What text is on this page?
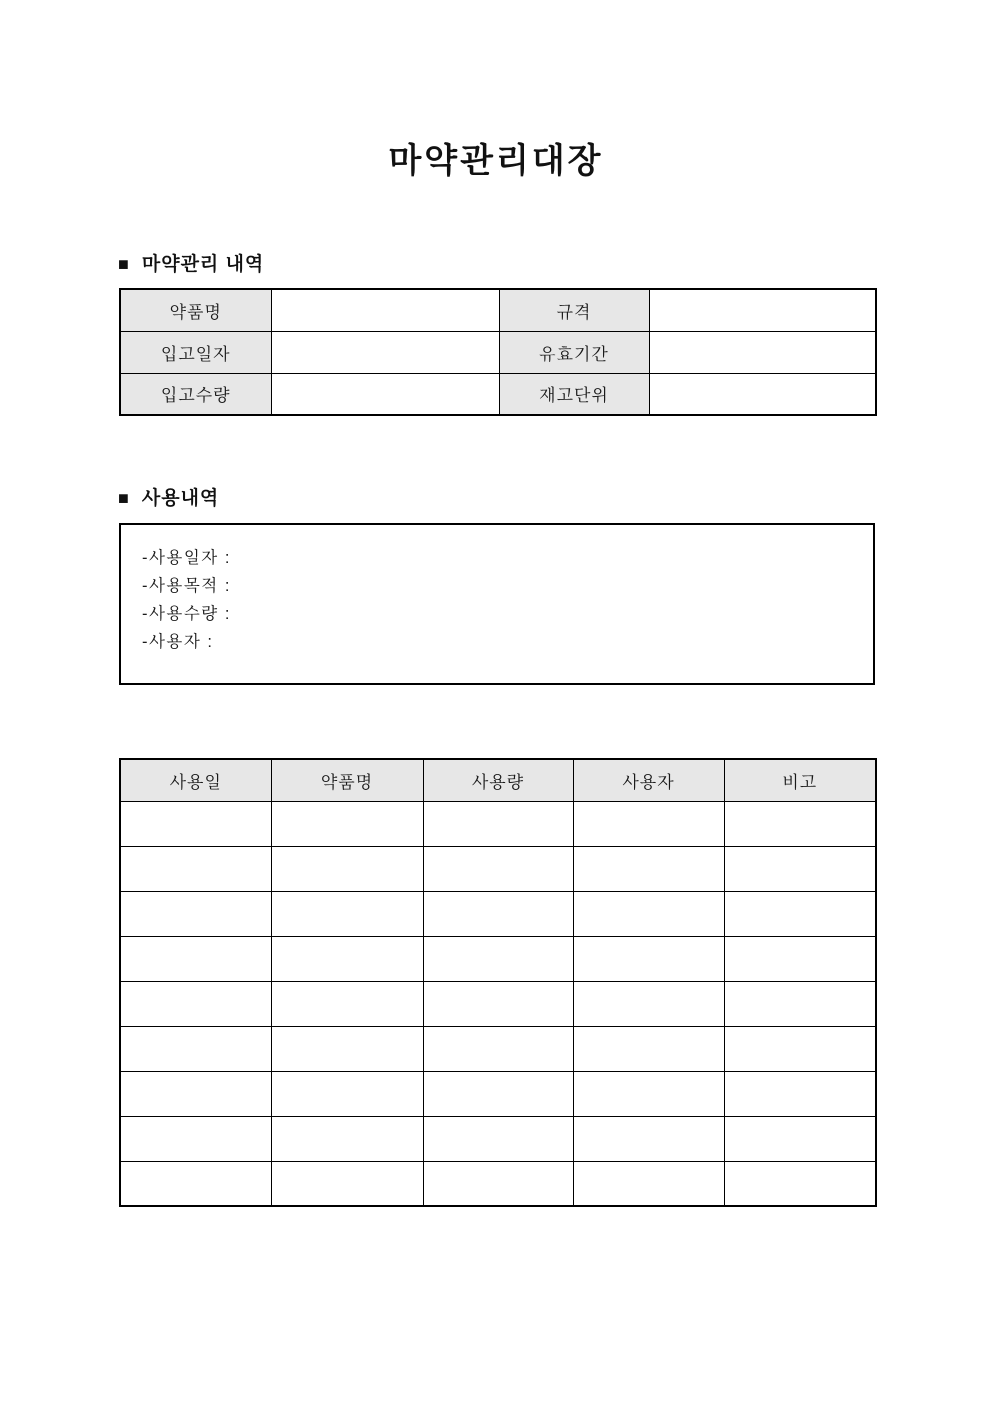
마약관리대장
■ 마약관리 내역
약품명		규격	
입고일자		유효기간	
입고수량		재고단위	
■ 사용내역
-사용일자 :
-사용목적 :
-사용수량 :
-사용자 :
사용일	약품명	사용량	사용자	비고
